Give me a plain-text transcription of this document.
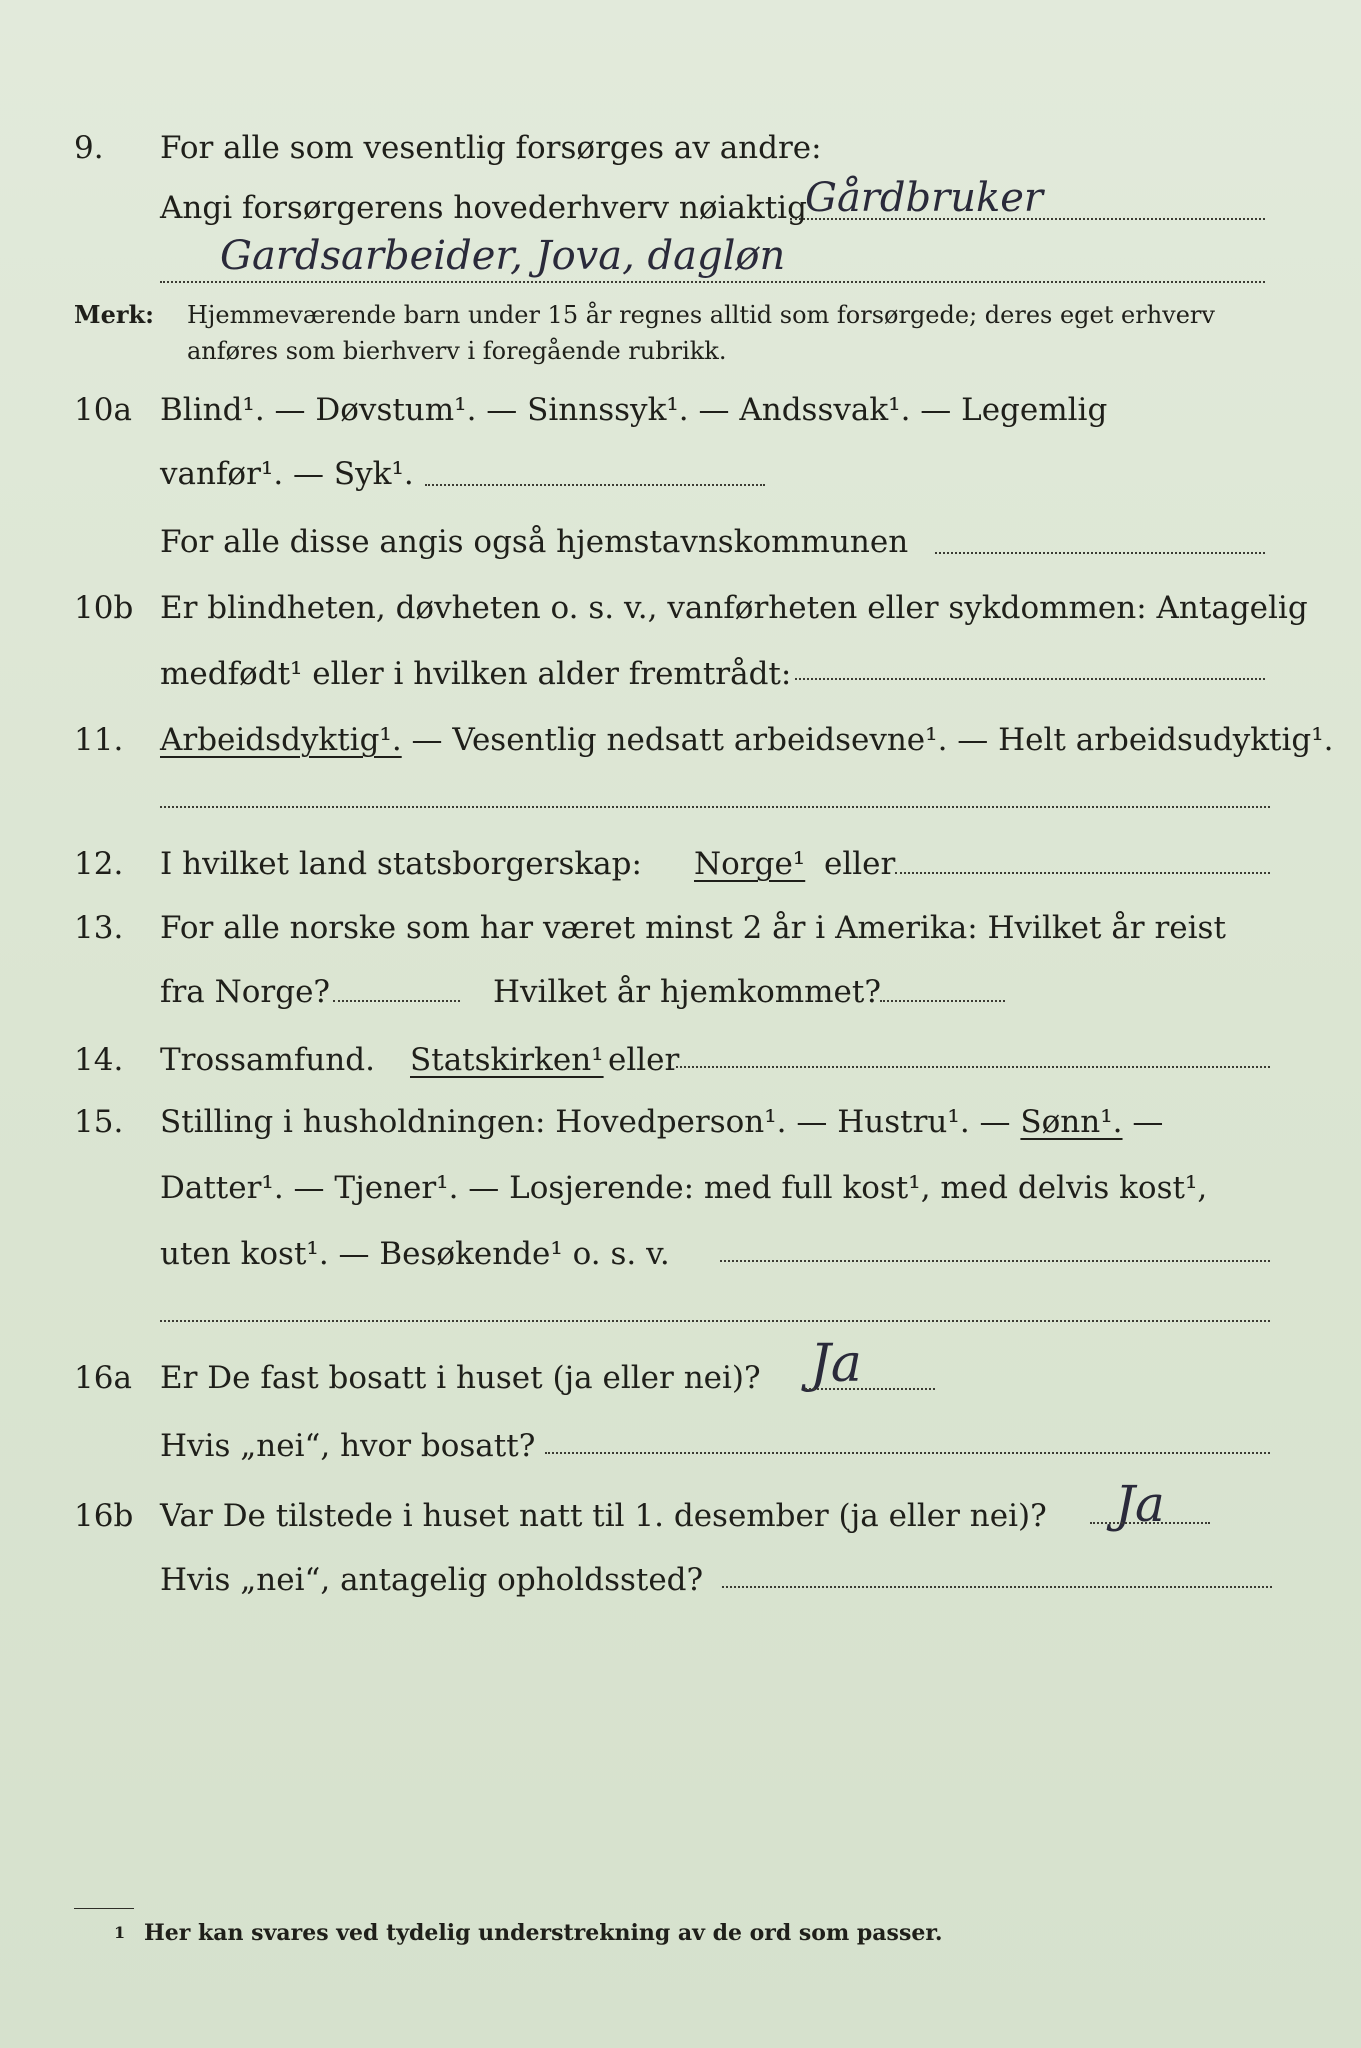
9. For alle som vesentlig forsørges av andre:
Angi forsørgerens hovederhverv nøiaktig
Gårdbruker
Gardsarbeider, Jova, dagløn
Merk: Hjemmeværende barn under 15 år regnes alltid som forsørgede; deres eget erhverv
anføres som bierhverv i foregående rubrikk.
10a Blind¹. — Døvstum¹. — Sinnssyk¹. — Andssvak¹. — Legemlig
vanfør¹. — Syk¹.
For alle disse angis også hjemstavnskommunen
10b Er blindheten, døvheten o. s. v., vanførheten eller sykdommen: Antagelig
medfødt¹ eller i hvilken alder fremtrådt:
11. Arbeidsdyktig¹. — Vesentlig nedsatt arbeidsevne¹. — Helt arbeidsudyktig¹.
12. I hvilket land statsborgerskap: Norge¹ eller
13. For alle norske som har været minst 2 år i Amerika: Hvilket år reist
fra Norge?	Hvilket år hjemkommet?
14. Trossamfund. Statskirken¹ eller
15. Stilling i husholdningen: Hovedperson¹. — Hustru¹. — Sønn¹. —
Datter¹. — Tjener¹. — Losjerende: med full kost¹, med delvis kost¹,
uten kost¹. — Besøkende¹ o. s. v.
16a Er De fast bosatt i huset (ja eller nei)? Ja
Hvis „nei“, hvor bosatt?
16b Var De tilstede i huset natt til 1. desember (ja eller nei)? Ja
Hvis „nei“, antagelig opholdssted?
1 Her kan svares ved tydelig understrekning av de ord som passer.
